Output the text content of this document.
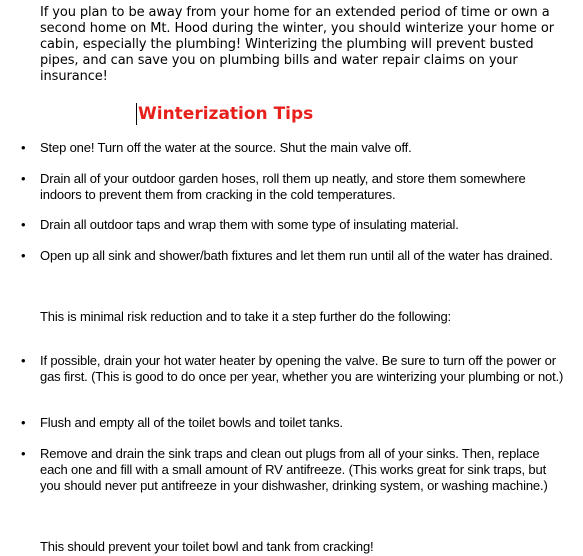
If you plan to be away from your home for an extended period of time or own a second home on Mt. Hood during the winter, you should winterize your home or cabin, especially the plumbing! Winterizing the plumbing will prevent busted pipes, and can save you on plumbing bills and water repair claims on your insurance!
Winterization Tips
• Step one! Turn off the water at the source. Shut the main valve off.
• Drain all of your outdoor garden hoses, roll them up neatly, and store them somewhere indoors to prevent them from cracking in the cold temperatures.
• Drain all outdoor taps and wrap them with some type of insulating material.
• Open up all sink and shower/bath fixtures and let them run until all of the water has drained.
This is minimal risk reduction and to take it a step further do the following:
• If possible, drain your hot water heater by opening the valve. Be sure to turn off the power or gas first. (This is good to do once per year, whether you are winterizing your plumbing or not.)
• Flush and empty all of the toilet bowls and toilet tanks.
• Remove and drain the sink traps and clean out plugs from all of your sinks. Then, replace each one and fill with a small amount of RV antifreeze. (This works great for sink traps, but you should never put antifreeze in your dishwasher, drinking system, or washing machine.)
This should prevent your toilet bowl and tank from cracking!
